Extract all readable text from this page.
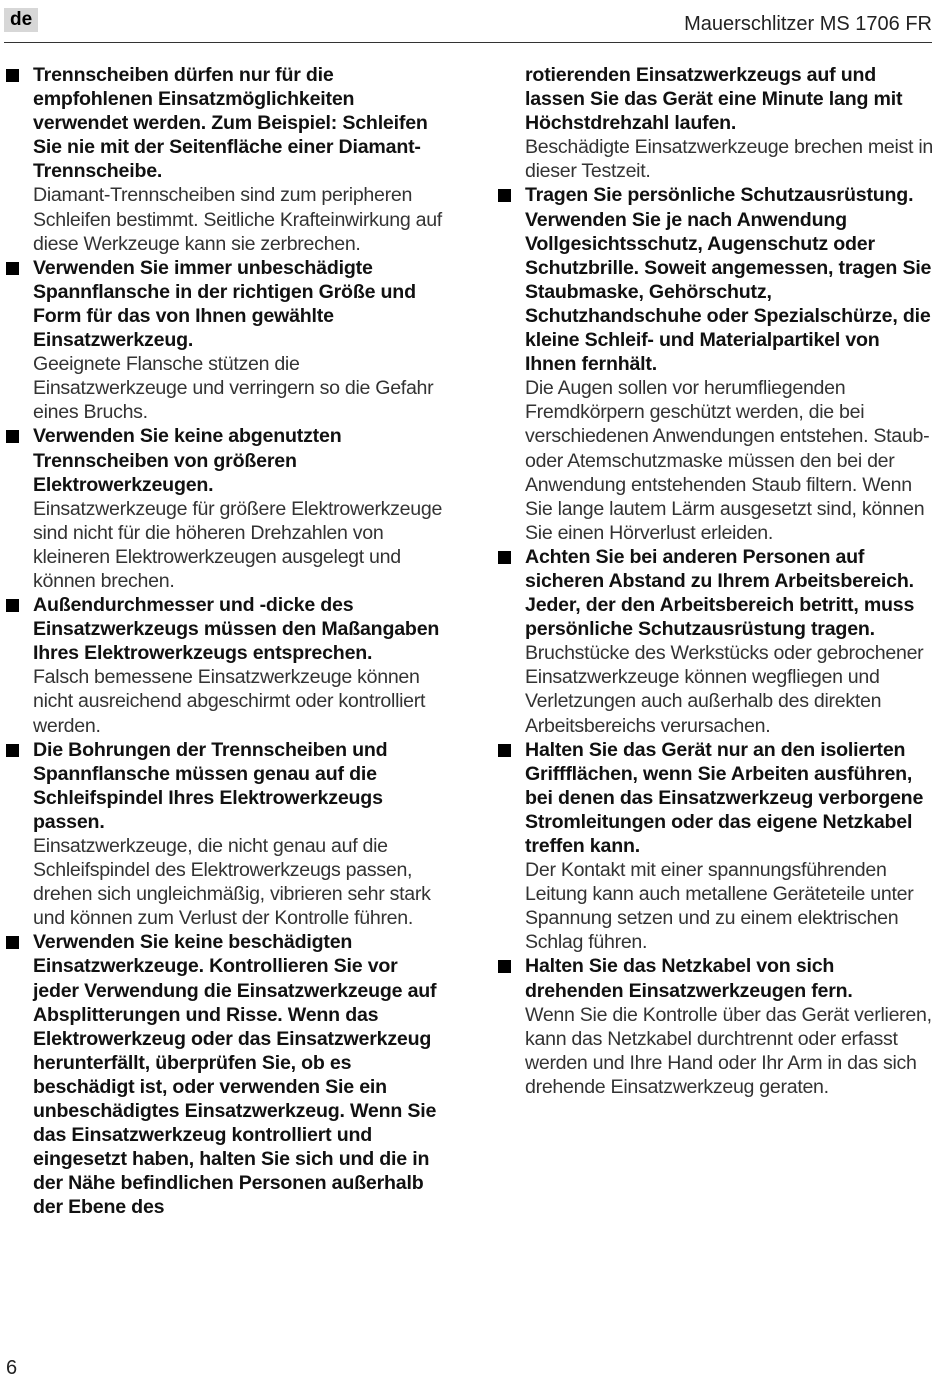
de	Mauerschlitzer MS 1706 FR

Trennscheiben dürfen nur für die empfohlenen Einsatzmöglichkeiten verwendet werden. Zum Beispiel: Schleifen Sie nie mit der Seitenfläche einer Diamant-Trennscheibe.

Diamant-Trennscheiben sind zum peripheren Schleifen bestimmt. Seitliche Krafteinwirkung auf diese Werkzeuge kann sie zerbrechen.

Verwenden Sie immer unbeschädigte Spannflansche in der richtigen Größe und Form für das von Ihnen gewählte Einsatzwerkzeug.

Geeignete Flansche stützen die Einsatzwerkzeuge und verringern so die Gefahr eines Bruchs.

Verwenden Sie keine abgenutzten Trennscheiben von größeren Elektrowerkzeugen.

Einsatzwerkzeuge für größere Elektrowerkzeuge sind nicht für die höheren Drehzahlen von kleineren Elektrowerkzeugen ausgelegt und können brechen.

Außendurchmesser und -dicke des Einsatzwerkzeugs müssen den Maßangaben Ihres Elektrowerkzeugs entsprechen.

Falsch bemessene Einsatzwerkzeuge können nicht ausreichend abgeschirmt oder kontrolliert werden.

Die Bohrungen der Trennscheiben und Spannflansche müssen genau auf die Schleifspindel Ihres Elektrowerkzeugs passen.

Einsatzwerkzeuge, die nicht genau auf die Schleifspindel des Elektrowerkzeugs passen, drehen sich ungleichmäßig, vibrieren sehr stark und können zum Verlust der Kontrolle führen.

Verwenden Sie keine beschädigten Einsatzwerkzeuge. Kontrollieren Sie vor jeder Verwendung die Einsatzwerkzeuge auf Absplitterungen und Risse. Wenn das Elektrowerkzeug oder das Einsatzwerkzeug herunterfällt, überprüfen Sie, ob es beschädigt ist, oder verwenden Sie ein unbeschädigtes Einsatzwerkzeug. Wenn Sie das Einsatzwerkzeug kontrolliert und eingesetzt haben, halten Sie sich und die in der Nähe befindlichen Personen außerhalb der Ebene des

rotierenden Einsatzwerkzeugs auf und lassen Sie das Gerät eine Minute lang mit Höchstdrehzahl laufen.

Beschädigte Einsatzwerkzeuge brechen meist in dieser Testzeit.

Tragen Sie persönliche Schutzausrüstung. Verwenden Sie je nach Anwendung Vollgesichtsschutz, Augenschutz oder Schutzbrille. Soweit angemessen, tragen Sie Staubmaske, Gehörschutz, Schutzhandschuhe oder Spezialschürze, die kleine Schleif- und Materialpartikel von Ihnen fernhält.

Die Augen sollen vor herumfliegenden Fremdkörpern geschützt werden, die bei verschiedenen Anwendungen entstehen. Staub- oder Atemschutzmaske müssen den bei der Anwendung entstehenden Staub filtern. Wenn Sie lange lautem Lärm ausgesetzt sind, können Sie einen Hörverlust erleiden.

Achten Sie bei anderen Personen auf sicheren Abstand zu Ihrem Arbeitsbereich. Jeder, der den Arbeitsbereich betritt, muss persönliche Schutzausrüstung tragen.

Bruchstücke des Werkstücks oder gebrochener Einsatzwerkzeuge können wegfliegen und Verletzungen auch außerhalb des direkten Arbeitsbereichs verursachen.

Halten Sie das Gerät nur an den isolierten Griffflächen, wenn Sie Arbeiten ausführen, bei denen das Einsatzwerkzeug verborgene Stromleitungen oder das eigene Netzkabel treffen kann.

Der Kontakt mit einer spannungsführenden Leitung kann auch metallene Geräteteile unter Spannung setzen und zu einem elektrischen Schlag führen.

Halten Sie das Netzkabel von sich drehenden Einsatzwerkzeugen fern.

Wenn Sie die Kontrolle über das Gerät verlieren, kann das Netzkabel durchtrennt oder erfasst werden und Ihre Hand oder Ihr Arm in das sich drehende Einsatzwerkzeug geraten.

6
